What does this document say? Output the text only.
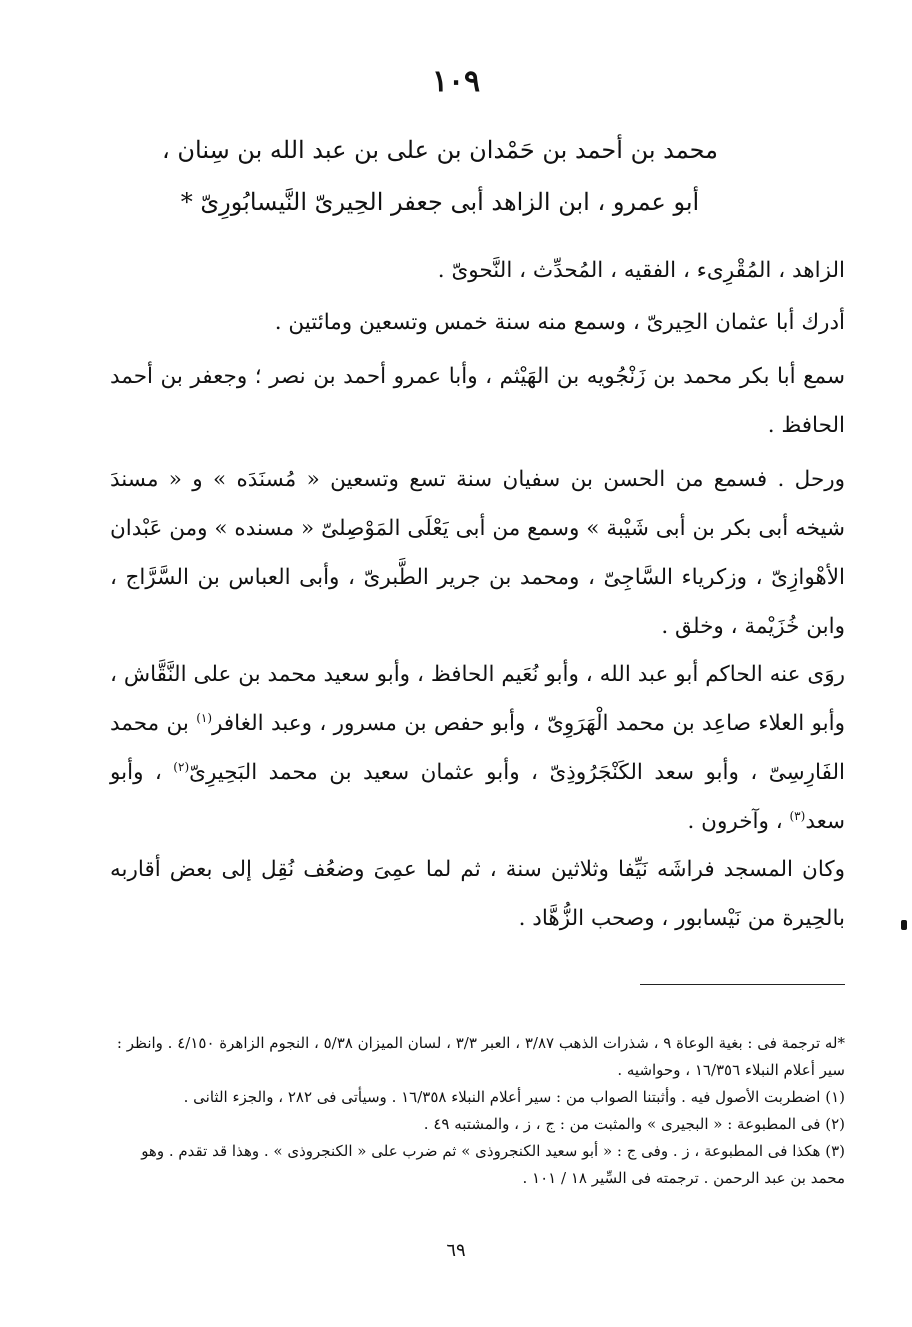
١٠٩
محمد بن أحمد بن حَمْدان بن على بن عبد الله بن سِنان ،
أبو عمرو ، ابن الزاهد أبى جعفر الحِيرىّ النَّيسابُورِىّ *
الزاهد ، المُقْرِىء ، الفقيه ، المُحدِّث ، النَّحوىّ .
أدرك أبا عثمان الحِيرىّ ، وسمع منه سنة خمس وتسعين ومائتين .
سمع أبا بكر محمد بن زَنْجُويه بن الهَيْثم ، وأبا عمرو أحمد بن نصر ؛ وجعفر بن أحمد الحافظ .
ورحل . فسمع من الحسن بن سفيان سنة تسع وتسعين « مُسنَدَه » و « مسندَ شيخه أبى بكر بن أبى شَيْبة » وسمع من أبى يَعْلَى المَوْصِلىّ « مسنده » ومن عَبْدان الأهْوازِىّ ، وزكرياء السَّاجِىّ ، ومحمد بن جرير الطَّبرىّ ، وأبى العباس بن السَّرَّاج ، وابن خُزَيْمة ، وخلق .
روَى عنه الحاكم أبو عبد الله ، وأبو نُعَيم الحافظ ، وأبو سعيد محمد بن على النَّقَّاش ، وأبو العلاء صاعِد بن محمد الْهَرَوِىّ ، وأبو حفص بن مسرور ، وعبد الغافر$^{(١)}$ بن محمد الفَارِسِىّ ، وأبو سعد الكَنْجَرُوذِىّ ، وأبو عثمان سعيد بن محمد البَحِيرِىّ$^{(٢)}$ ، وأبو سعد$^{(٣)}$ ، وآخرون .
وكان المسجد فراشَه نَيِّفا وثلاثين سنة ، ثم لما عمِىَ وضعُف نُقِل إلى بعض أقاربه بالحِيرة من نَيْسابور ، وصحب الزُّهَّاد .

*له ترجمة فى : بغية الوعاة ٩ ، شذرات الذهب ٣/٨٧ ، العبر ٣/٣ ، لسان الميزان ٥/٣٨ ، النجوم الزاهرة ٤/١٥٠ . وانظر : سير أعلام النبلاء ١٦/٣٥٦ ، وحواشيه .

(١) اضطربت الأصول فيه . وأثبتنا الصواب من : سير أعلام النبلاء ١٦/٣٥٨ . وسيأتى فى ٢٨٢ ، والجزء الثانى .

(٢) فى المطبوعة : « البجيرى » والمثبت من : ج ، ز ، والمشتبه ٤٩ .

(٣) هكذا فى المطبوعة ، ز . وفى ج : « أبو سعيد الكنجروذى » ثم ضرب على « الكنجروذى » . وهذا قد تقدم . وهو محمد بن عبد الرحمن . ترجمته فى السِّير ١٨ / ١٠١ .

٦٩
